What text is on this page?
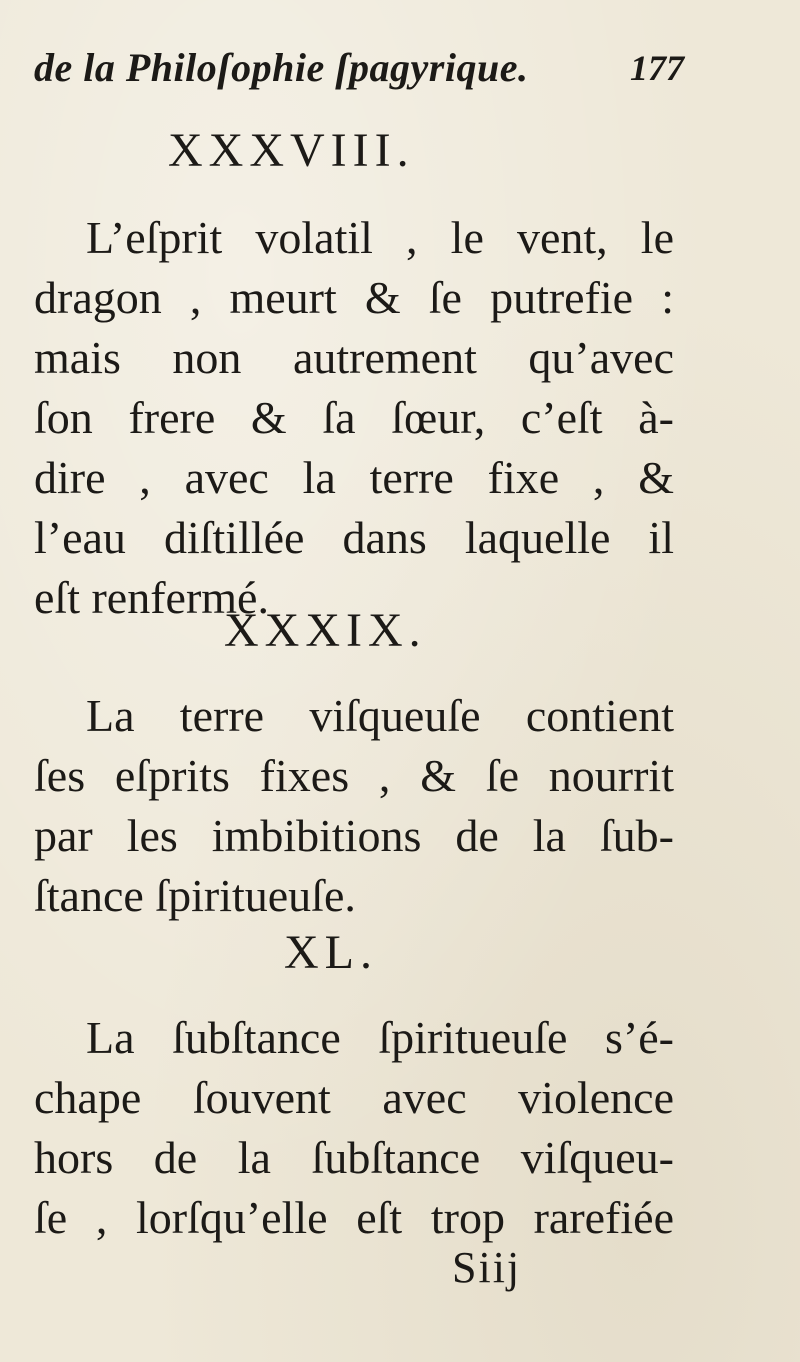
de la Philoſophie ſpagyrique.	177
XXXVIII.
L’eſprit volatil , le vent, le
dragon , meurt & ſe putrefie :
mais non autrement qu’avec
ſon frere & ſa ſœur, c’eſt à-
dire , avec la terre fixe , &
l’eau diſtillée dans laquelle il
eſt renfermé.
XXXIX.
La terre viſqueuſe contient
ſes eſprits fixes , & ſe nourrit
par les imbibitions de la ſub-
ſtance ſpiritueuſe.
XL.
La ſubſtance ſpiritueuſe s’é-
chape ſouvent avec violence
hors de la ſubſtance viſqueu-
ſe , lorſqu’elle eſt trop rarefiée
Siij
